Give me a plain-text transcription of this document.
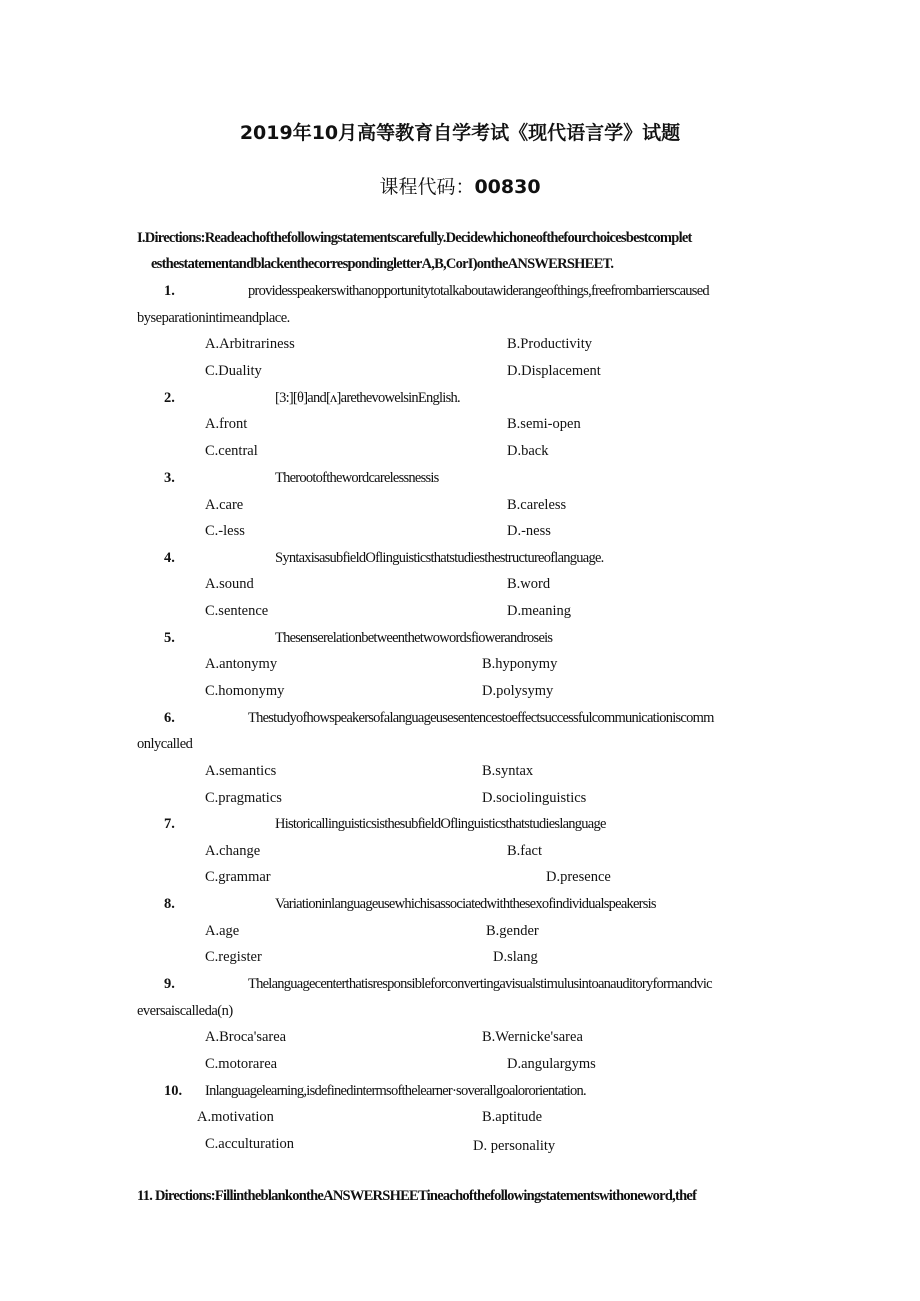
2019年10月高等教育自学考试《现代语言学》试题
课程代码：00830
I.Directions:Readeachofthefollowingstatementscarefully.Decidewhichoneofthefourchoicesbestcomplet
esthestatementandblackenthecorrespondingletterA,B,CorI)ontheANSWERSHEET.
1.	providesspeakerswithanopportunitytotalkaboutawiderangeofthings,freefrombarrierscaused
byseparationintimeandplace.
A.Arbitrariness	B.Productivity
C.Duality	D.Displacement
2.	[3:][θ]and[ʌ]arethevowelsinEnglish.
A.front	B.semi-open
C.central	D.back
3.	Therootofthewordcarelessnessis
A.care	B.careless
C.-less	D.-ness
4.	SyntaxisasubfieldOflinguisticsthatstudiesthestructureoflanguage.
A.sound	B.word
C.sentence	D.meaning
5.	Thesenserelationbetweenthetwowordsfiowerandroseis
A.antonymy	B.hyponymy
C.homonymy	D.polysymy
6.	Thestudyofhowspeakersofalanguageusesentencestoeffectsuccessfulcommunicationiscomm
onlycalled
A.semantics	B.syntax
C.pragmatics	D.sociolinguistics
7.	HistoricallinguisticsisthesubfieldOflinguisticsthatstudieslanguage
A.change	B.fact
C.grammar	D.presence
8.	Variationinlanguageusewhichisassociatedwiththesexofindividualspeakersis
A.age	B.gender
C.register	D.slang
9.	Thelanguagecenterthatisresponsibleforconvertingavisualstimulusintoanauditoryformandvic
eversaiscalleda(n)
A.Broca'sarea	B.Wernicke'sarea
C.motorarea	D.angulargyms
10. Inlanguagelearning,isdefinedintermsofthelearner·soverallgoalororientation.
A.motivation	B.aptitude
C.acculturation	D. personality
11. Directions:FillintheblankontheANSWERSHEETineachofthefollowingstatementswithoneword,thef
